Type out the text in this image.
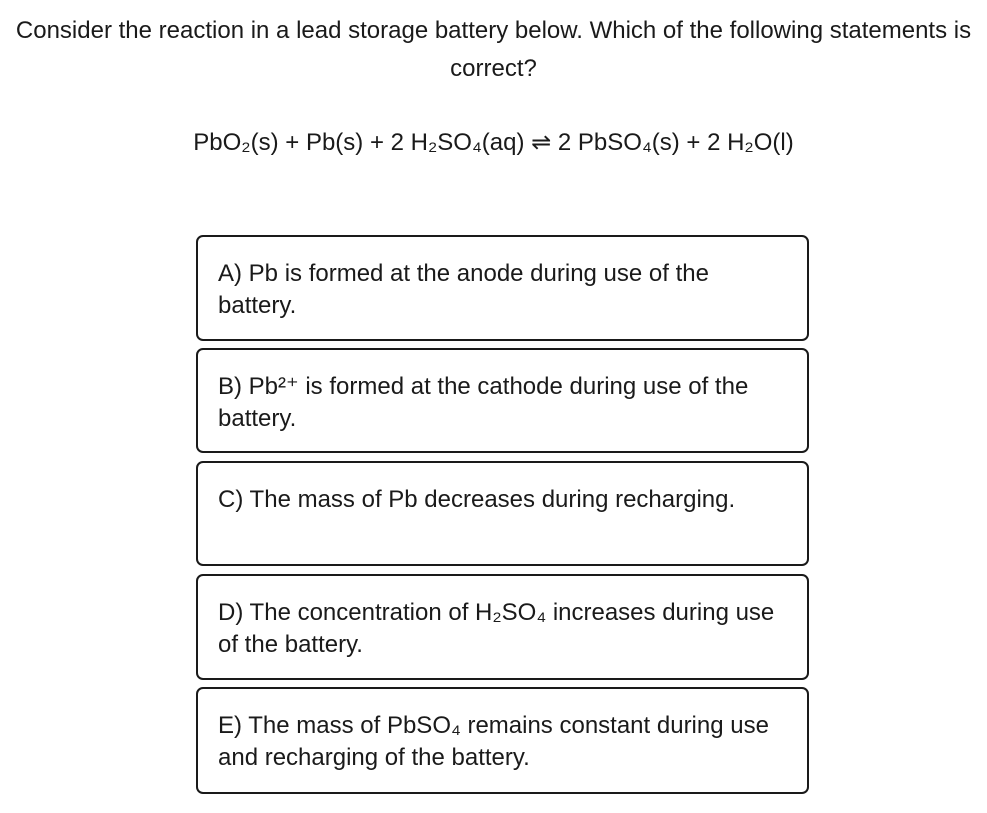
Consider the reaction in a lead storage battery below. Which of the following statements is correct?
PbO₂(s) + Pb(s) + 2 H₂SO₄(aq) ⇌ 2 PbSO₄(s) + 2 H₂O(l)
A) Pb is formed at the anode during use of the battery.
B) Pb²⁺ is formed at the cathode during use of the battery.
C) The mass of Pb decreases during recharging.
D) The concentration of H₂SO₄ increases during use of the battery.
E) The mass of PbSO₄ remains constant during use and recharging of the battery.
